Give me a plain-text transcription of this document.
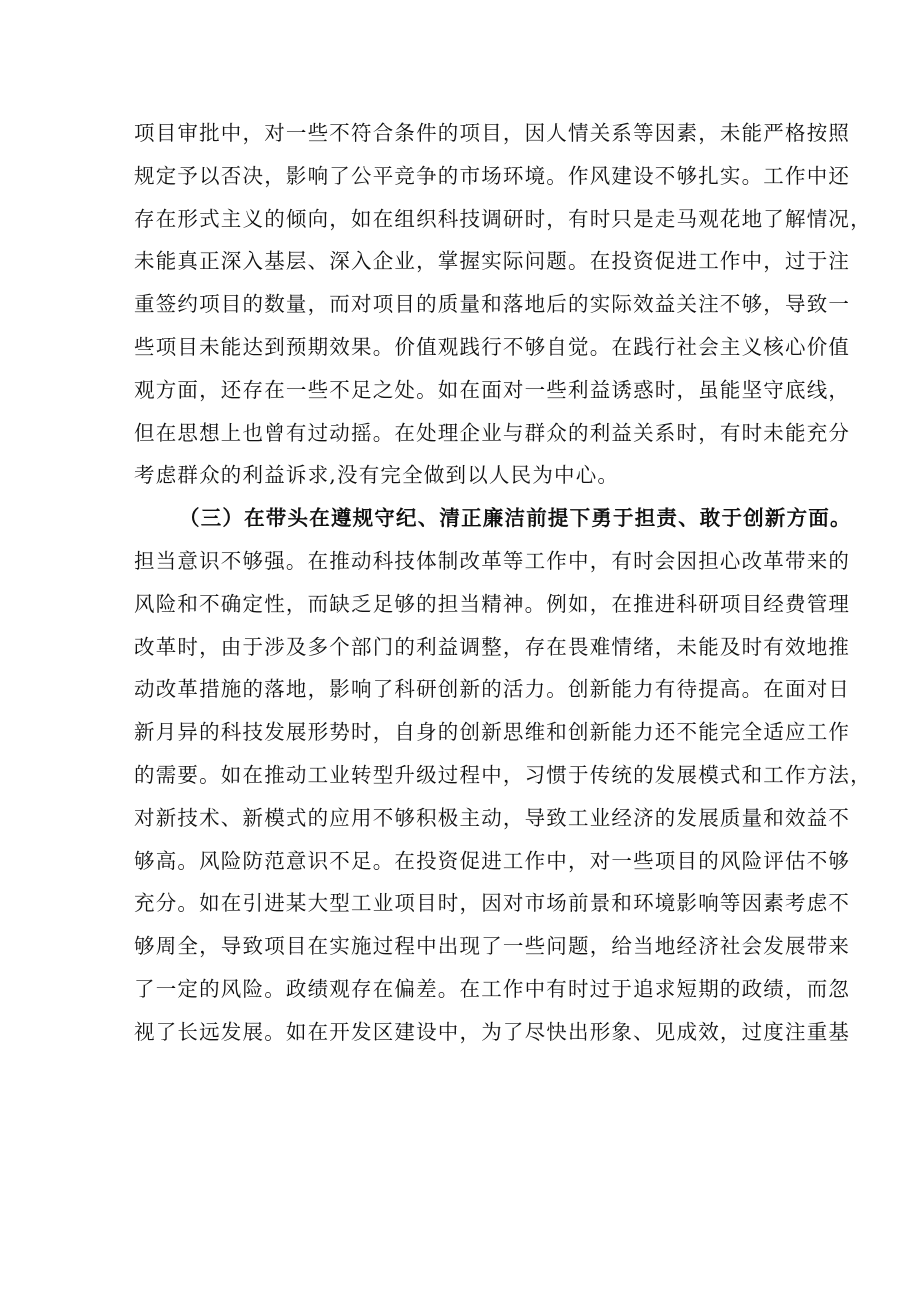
项目审批中，对一些不符合条件的项目，因人情关系等因素，未能严格按照
规定予以否决，影响了公平竞争的市场环境。作风建设不够扎实。工作中还
存在形式主义的倾向，如在组织科技调研时，有时只是走马观花地了解情况，
未能真正深入基层、深入企业，掌握实际问题。在投资促进工作中，过于注
重签约项目的数量，而对项目的质量和落地后的实际效益关注不够，导致一
些项目未能达到预期效果。价值观践行不够自觉。在践行社会主义核心价值
观方面，还存在一些不足之处。如在面对一些利益诱惑时，虽能坚守底线，
但在思想上也曾有过动摇。在处理企业与群众的利益关系时，有时未能充分
考虑群众的利益诉求,没有完全做到以人民为中心。
（三）在带头在遵规守纪、清正廉洁前提下勇于担责、敢于创新方面。
担当意识不够强。在推动科技体制改革等工作中，有时会因担心改革带来的
风险和不确定性，而缺乏足够的担当精神。例如，在推进科研项目经费管理
改革时，由于涉及多个部门的利益调整，存在畏难情绪，未能及时有效地推
动改革措施的落地，影响了科研创新的活力。创新能力有待提高。在面对日
新月异的科技发展形势时，自身的创新思维和创新能力还不能完全适应工作
的需要。如在推动工业转型升级过程中，习惯于传统的发展模式和工作方法，
对新技术、新模式的应用不够积极主动，导致工业经济的发展质量和效益不
够高。风险防范意识不足。在投资促进工作中，对一些项目的风险评估不够
充分。如在引进某大型工业项目时，因对市场前景和环境影响等因素考虑不
够周全，导致项目在实施过程中出现了一些问题，给当地经济社会发展带来
了一定的风险。政绩观存在偏差。在工作中有时过于追求短期的政绩，而忽
视了长远发展。如在开发区建设中，为了尽快出形象、见成效，过度注重基
